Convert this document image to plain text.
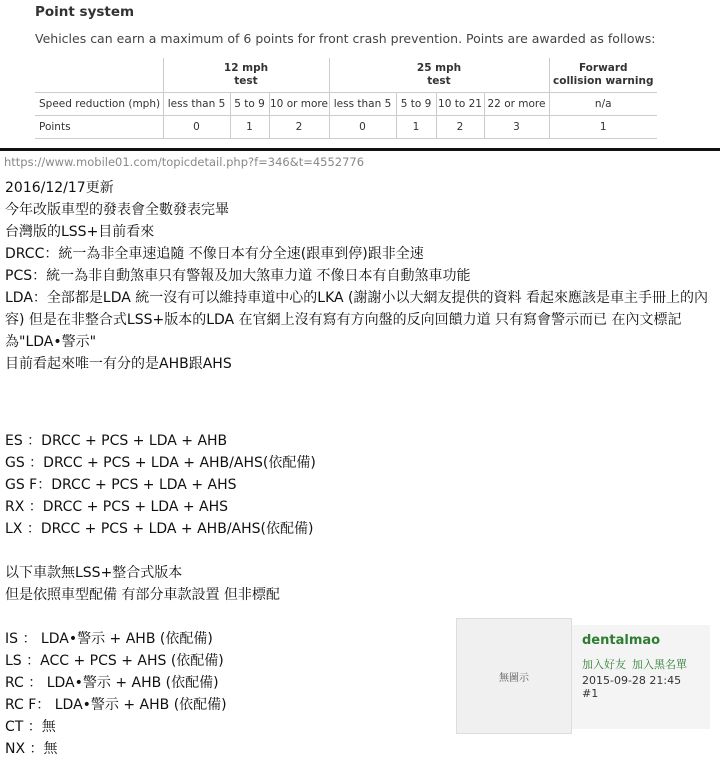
Point system
Vehicles can earn a maximum of 6 points for front crash prevention. Points are awarded as follows:
	12 mph
test			25 mph
test				Forward
collision warning
Speed reduction (mph)	less than 5	5 to 9	10 or more	less than 5	5 to 9	10 to 21	22 or more	n/a
Points	0	1	2	0	1	2	3	1
https://www.mobile01.com/topicdetail.php?f=346&t=4552776
2016/12/17更新
今年改版車型的發表會全數發表完畢
台灣版的LSS+目前看來
DRCC：統一為非全車速追隨 不像日本有分全速(跟車到停)跟非全速
PCS：統一為非自動煞車只有警報及加大煞車力道 不像日本有自動煞車功能
LDA：全部都是LDA 統一沒有可以維持車道中心的LKA (謝謝小以大網友提供的資料 看起來應該是車主手冊上的內容) 但是在非整合式LSS+版本的LDA 在官網上沒有寫有方向盤的反向回饋力道 只有寫會警示而已 在內文標記為"LDA•警示"
目前看起來唯一有分的是AHB跟AHS
ES ：DRCC + PCS + LDA + AHB
GS ：DRCC + PCS + LDA + AHB/AHS(依配備)
GS F：DRCC + PCS + LDA + AHS
RX ：DRCC + PCS + LDA + AHS
LX ：DRCC + PCS + LDA + AHB/AHS(依配備)
以下車款無LSS+整合式版本
但是依照車型配備 有部分車款設置 但非標配
IS ： LDA•警示 + AHB (依配備)
LS ：ACC + PCS + AHS (依配備)
RC ： LDA•警示 + AHB (依配備)
RC F： LDA•警示 + AHB (依配備)
CT ：無
NX ：無
無圖示
dentalmao
加入好友 加入黑名單
2015-09-28 21:45 #1
